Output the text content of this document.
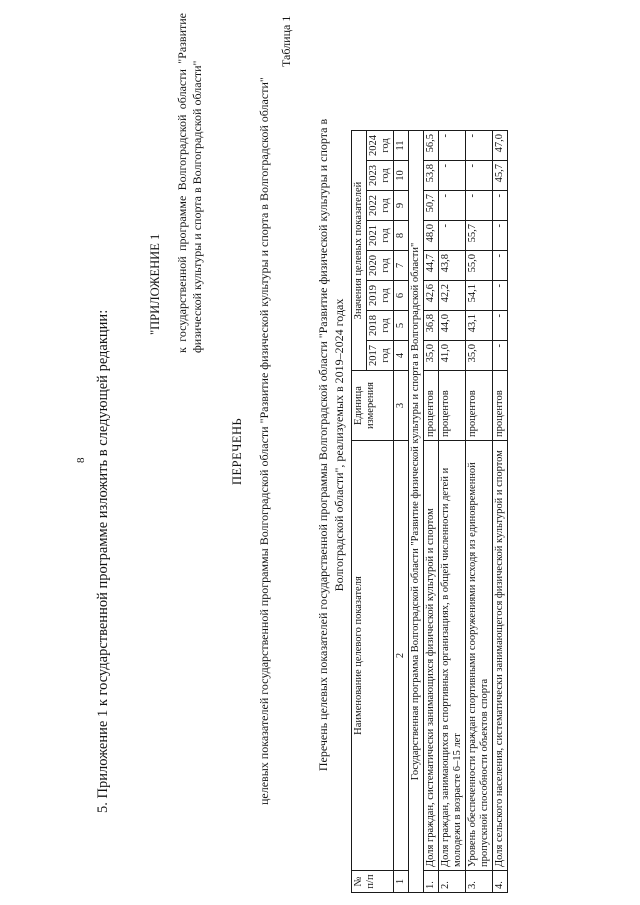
8 5. Приложение 1 к государственной программе изложить в следующей редакции:
"ПРИЛОЖЕНИЕ 1 к государственной программе Волгоградской области "Развитие физической культуры и спорта в Волгоградской области"
ПЕРЕЧЕНЬ целевых показателей государственной программы Волгоградской области "Развитие физической культуры и спорта в Волгоградской области"
Таблица 1
Перечень целевых показателей государственной программы Волгоградской области "Развитие физической культуры и спорта в Волгоградской области", реализуемых в 2019–2024 годах
№ п/п	Наименование целевого показателя	Единица измерения	Значения целевых показателей							
			2017 год	2018 год	2019 год	2020 год	2021 год	2022 год	2023 год	2024 год
1	2	3	4	5	6	7	8	9	10	11
Государственная программа Волгоградской области "Развитие физической культуры и спорта в Волгоградской области"										
1.	Доля граждан, систематически занимающихся физической культурой и спортом	процентов	35,0	36,8	42,6	44,7	48,0	50,7	53,8	56,5
2.	Доля граждан, занимающихся в спортивных организациях, в общей численности детей и молодежи в возрасте 6–15 лет	процентов	41,0	44,0	42,2	43,8	-	-	-	-
3.	Уровень обеспеченности граждан спортивными сооружениями исходя из единовременной пропускной способности объектов спорта	процентов	35,0	43,1	54,1	55,0	55,7	-	-	-
4.	Доля сельского населения, систематически занимающегося физической культурой и спортом	процентов	-	-	-	-	-	-	45,7	47,0
